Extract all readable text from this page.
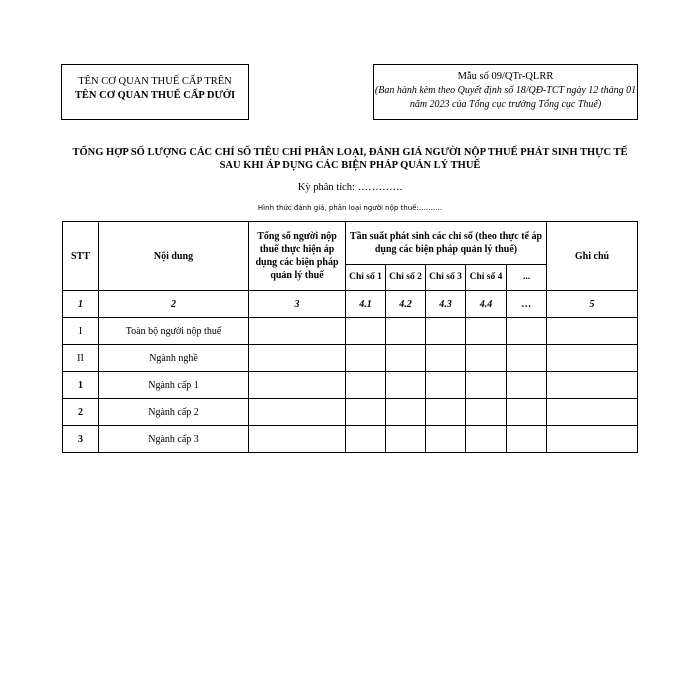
TÊN CƠ QUAN THUẾ CẤP TRÊN
TÊN CƠ QUAN THUẾ CẤP DƯỚI
Mẫu số 09/QTr-QLRR
(Ban hành kèm theo Quyết định số 18/QĐ-TCT ngày 12 tháng 01 năm 2023 của Tổng cục trưởng Tổng cục Thuế)
TỔNG HỢP SỐ LƯỢNG CÁC CHỈ SỐ TIÊU CHÍ PHÂN LOẠI, ĐÁNH GIÁ NGƯỜI NỘP THUẾ PHÁT SINH THỰC TẾ
SAU KHI ÁP DỤNG CÁC BIỆN PHÁP QUẢN LÝ THUẾ
Kỳ phân tích: ………….
Hình thức đánh giá, phân loại người nộp thuế:……….
STT	Nội dung	Tổng số người nộp thuế thực hiện áp dụng các biện pháp quản lý thuế	Tần suất phát sinh các chỉ số (theo thực tế áp dụng các biện pháp quản lý thuế)					Ghi chú
			Chỉ số 1	Chỉ số 2	Chỉ số 3	Chỉ số 4	...	
1	2	3	4.1	4.2	4.3	4.4	…	5
I	Toàn bộ người nộp thuế							
II	Ngành nghề							
1	Ngành cấp 1							
2	Ngành cấp 2							
3	Ngành cấp 3							
